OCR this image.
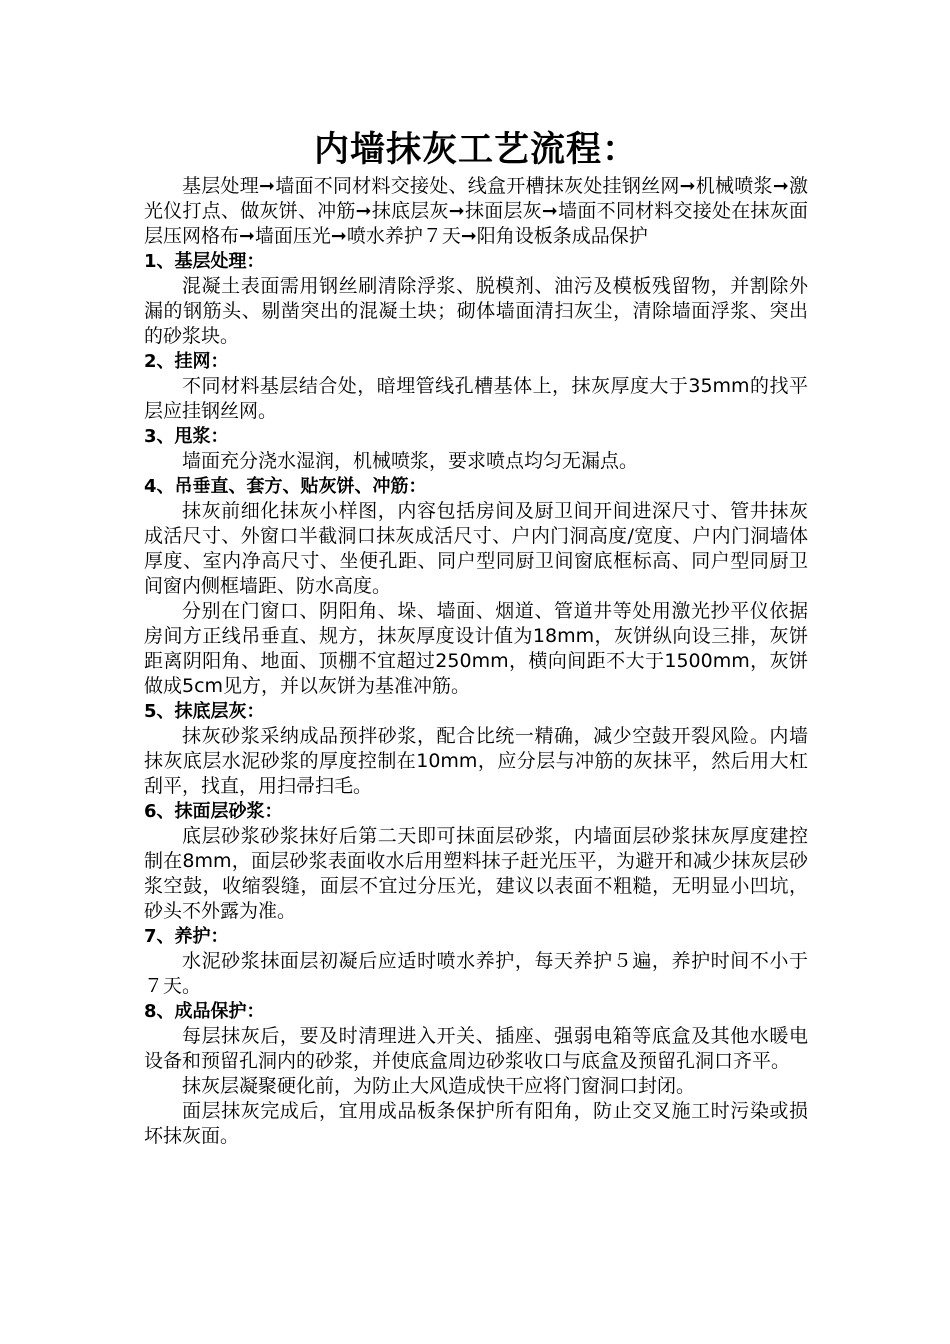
内墙抹灰工艺流程：

基层处理➞墙面不同材料交接处、线盒开槽抹灰处挂钢丝网➞机械喷浆➞激光仪打点、做灰饼、冲筋➞抹底层灰➞抹面层灰➞墙面不同材料交接处在抹灰面层压网格布➞墙面压光➞喷水养护７天➞阳角设板条成品保护

1、基层处理：

混凝土表面需用钢丝刷清除浮浆、脱模剂、油污及模板残留物，并割除外漏的钢筋头、剔凿突出的混凝土块；砌体墙面清扫灰尘，清除墙面浮浆、突出的砂浆块。

2、挂网：

不同材料基层结合处，暗埋管线孔槽基体上，抹灰厚度大于35mm的找平层应挂钢丝网。

3、甩浆：

墙面充分浇水湿润，机械喷浆，要求喷点均匀无漏点。

4、吊垂直、套方、贴灰饼、冲筋：

抹灰前细化抹灰小样图，内容包括房间及厨卫间开间进深尺寸、管井抹灰成活尺寸、外窗口半截洞口抹灰成活尺寸、户内门洞高度/宽度、户内门洞墙体厚度、室内净高尺寸、坐便孔距、同户型同厨卫间窗底框标高、同户型同厨卫间窗内侧框墙距、防水高度。

分别在门窗口、阴阳角、垛、墙面、烟道、管道井等处用激光抄平仪依据房间方正线吊垂直、规方，抹灰厚度设计值为18mm，灰饼纵向设三排，灰饼距离阴阳角、地面、顶棚不宜超过250mm，横向间距不大于1500mm，灰饼做成5cm见方，并以灰饼为基准冲筋。

5、抹底层灰：

抹灰砂浆采纳成品预拌砂浆，配合比统一精确，减少空鼓开裂风险。内墙抹灰底层水泥砂浆的厚度控制在10mm，应分层与冲筋的灰抹平，然后用大杠刮平，找直，用扫帚扫毛。

6、抹面层砂浆：

底层砂浆砂浆抹好后第二天即可抹面层砂浆，内墙面层砂浆抹灰厚度建控制在8mm，面层砂浆表面收水后用塑料抹子赶光压平，为避开和减少抹灰层砂浆空鼓，收缩裂缝，面层不宜过分压光，建议以表面不粗糙，无明显小凹坑，砂头不外露为准。

7、养护：

水泥砂浆抹面层初凝后应适时喷水养护，每天养护５遍，养护时间不小于７天。

8、成品保护：

每层抹灰后，要及时清理进入开关、插座、强弱电箱等底盒及其他水暖电设备和预留孔洞内的砂浆，并使底盒周边砂浆收口与底盒及预留孔洞口齐平。

抹灰层凝聚硬化前，为防止大风造成快干应将门窗洞口封闭。

面层抹灰完成后，宜用成品板条保护所有阳角，防止交叉施工时污染或损坏抹灰面。
